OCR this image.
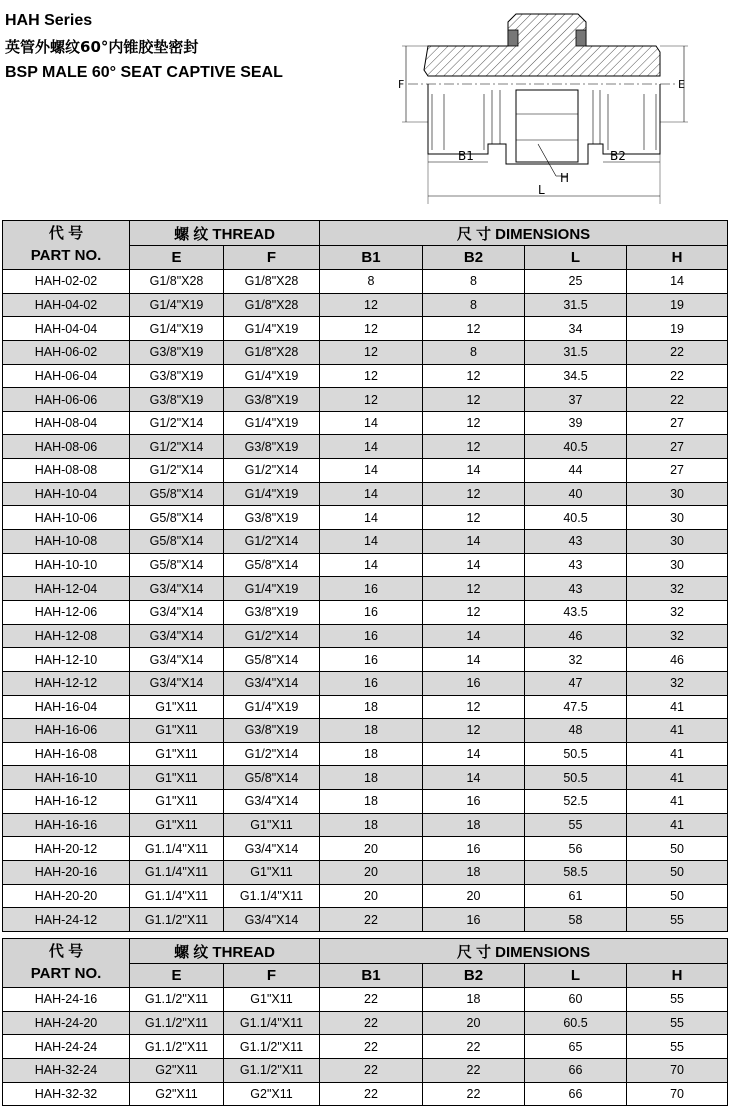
HAH Series
英管外螺纹60°内锥胶垫密封
BSP MALE 60° SEAT CAPTIVE SEAL
F	E
B1	B2
H
L
代 号
PART NO.	螺 纹 THREAD		尺 寸 DIMENSIONS			
	E	F	B1	B2	L	H
HAH-02-02	G1/8"X28	G1/8"X28	8	8	25	14
HAH-04-02	G1/4"X19	G1/8"X28	12	8	31.5	19
HAH-04-04	G1/4"X19	G1/4"X19	12	12	34	19
HAH-06-02	G3/8"X19	G1/8"X28	12	8	31.5	22
HAH-06-04	G3/8"X19	G1/4"X19	12	12	34.5	22
HAH-06-06	G3/8"X19	G3/8"X19	12	12	37	22
HAH-08-04	G1/2"X14	G1/4"X19	14	12	39	27
HAH-08-06	G1/2"X14	G3/8"X19	14	12	40.5	27
HAH-08-08	G1/2"X14	G1/2"X14	14	14	44	27
HAH-10-04	G5/8"X14	G1/4"X19	14	12	40	30
HAH-10-06	G5/8"X14	G3/8"X19	14	12	40.5	30
HAH-10-08	G5/8"X14	G1/2"X14	14	14	43	30
HAH-10-10	G5/8"X14	G5/8"X14	14	14	43	30
HAH-12-04	G3/4"X14	G1/4"X19	16	12	43	32
HAH-12-06	G3/4"X14	G3/8"X19	16	12	43.5	32
HAH-12-08	G3/4"X14	G1/2"X14	16	14	46	32
HAH-12-10	G3/4"X14	G5/8"X14	16	14	32	46
HAH-12-12	G3/4"X14	G3/4"X14	16	16	47	32
HAH-16-04	G1"X11	G1/4"X19	18	12	47.5	41
HAH-16-06	G1"X11	G3/8"X19	18	12	48	41
HAH-16-08	G1"X11	G1/2"X14	18	14	50.5	41
HAH-16-10	G1"X11	G5/8"X14	18	14	50.5	41
HAH-16-12	G1"X11	G3/4"X14	18	16	52.5	41
HAH-16-16	G1"X11	G1"X11	18	18	55	41
HAH-20-12	G1.1/4"X11	G3/4"X14	20	16	56	50
HAH-20-16	G1.1/4"X11	G1"X11	20	18	58.5	50
HAH-20-20	G1.1/4"X11	G1.1/4"X11	20	20	61	50
HAH-24-12	G1.1/2"X11	G3/4"X14	22	16	58	55
代 号
PART NO.	螺 纹 THREAD		尺 寸 DIMENSIONS			
	E	F	B1	B2	L	H
HAH-24-16	G1.1/2"X11	G1"X11	22	18	60	55
HAH-24-20	G1.1/2"X11	G1.1/4"X11	22	20	60.5	55
HAH-24-24	G1.1/2"X11	G1.1/2"X11	22	22	65	55
HAH-32-24	G2"X11	G1.1/2"X11	22	22	66	70
HAH-32-32	G2"X11	G2"X11	22	22	66	70
